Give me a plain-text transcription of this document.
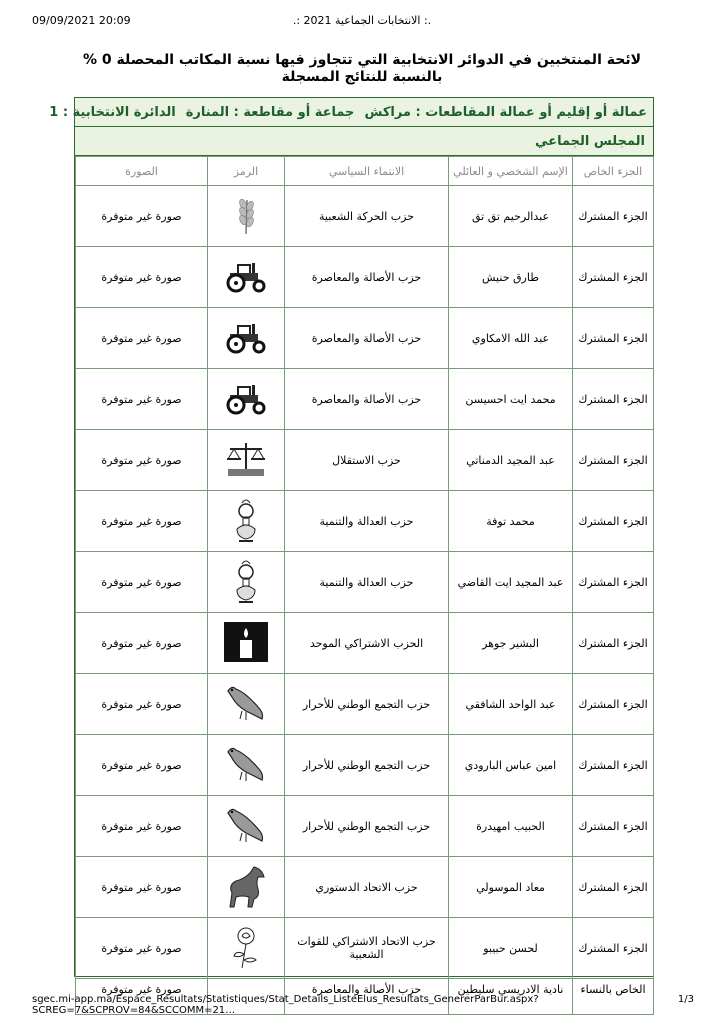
09/09/2021 20:09	.: الانتخابات الجماعية 2021 :.
لائحة المنتخبين في الدوائر الانتخابية التي تتجاوز فيها نسبة المكاتب المحصلة 0 %
بالنسبة للنتائج المسجلة
عمالة أو إقليم أو عمالة المقاطعات : مراكش
جماعة أو مقاطعة : المنارة
الدائرة الانتخابية : 1
المجلس الجماعي
الجزء الخاص	الإسم الشخصي و العائلي	الانتماء السياسي	الرمز	الصورة
الجزء المشترك	عبدالرحيم تق تق	حزب الحركة الشعبية		صورة غير متوفرة
الجزء المشترك	طارق حنيش	حزب الأصالة والمعاصرة		صورة غير متوفرة
الجزء المشترك	عبد الله الامكاوي	حزب الأصالة والمعاصرة		صورة غير متوفرة
الجزء المشترك	محمد ايت احسيسن	حزب الأصالة والمعاصرة		صورة غير متوفرة
الجزء المشترك	عبد المجيد الدمناتي	حزب الاستقلال		صورة غير متوفرة
الجزء المشترك	محمد توفة	حزب العدالة والتنمية		صورة غير متوفرة
الجزء المشترك	عبد المجيد ايت القاضي	حزب العدالة والتنمية		صورة غير متوفرة
الجزء المشترك	البشير جوهر	الحزب الاشتراكي الموحد		صورة غير متوفرة
الجزء المشترك	عبد الواحد الشافقي	حزب التجمع الوطني للأحرار		صورة غير متوفرة
الجزء المشترك	امين عباس البارودي	حزب التجمع الوطني للأحرار		صورة غير متوفرة
الجزء المشترك	الحبيب امهيدرة	حزب التجمع الوطني للأحرار		صورة غير متوفرة
الجزء المشترك	معاد الموسولي	حزب الاتحاد الدستوري		صورة غير متوفرة
الجزء المشترك	لحسن حبيبو	حزب الاتحاد الاشتراكي للقوات الشعبية		صورة غير متوفرة
الخاص بالنساء	نادية الادريسي سليطين	حزب الأصالة والمعاصرة		صورة غير متوفرة
sgec.mi-app.ma/Espace_Resultats/Statistiques/Stat_Details_ListeElus_Resultats_GenererParBur.aspx?SCREG=7&SCPROV=84&SCCOMM=21…
1/3
